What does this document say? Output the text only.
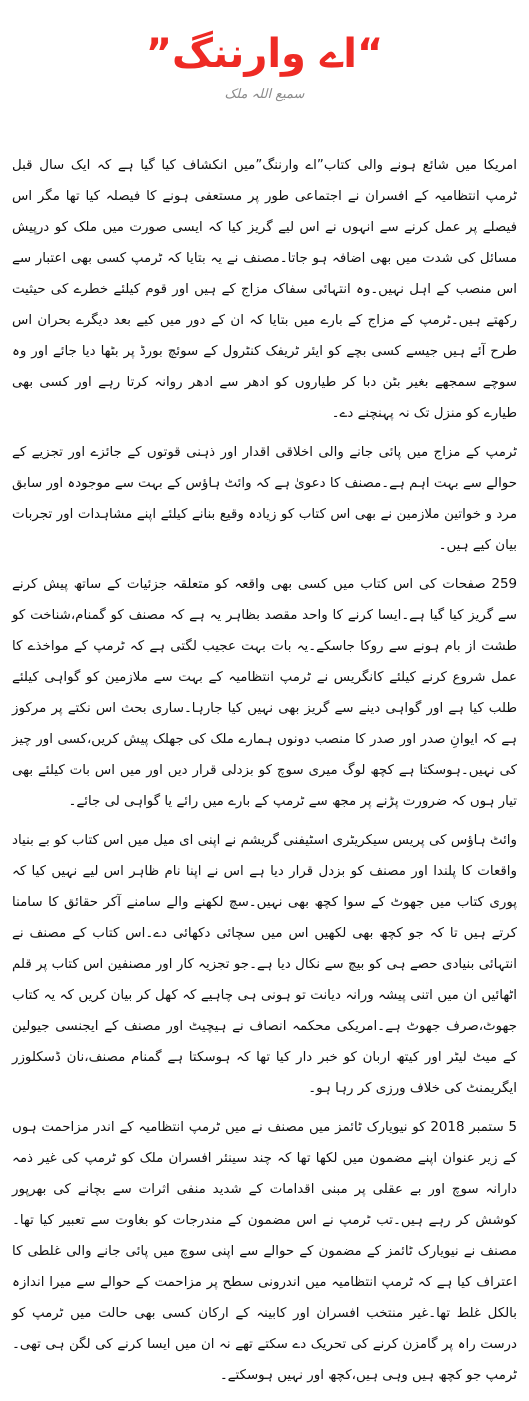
“اے وارننگ”
سمیع اللہ ملک

امریکا میں شائع ہونے والی کتاب”اے وارننگ”میں انکشاف کیا گیا ہے کہ ایک سال قبل ٹرمپ انتظامیہ کے افسران نے اجتماعی طور پر مستعفی ہونے کا فیصلہ کیا تھا مگر اس فیصلے پر عمل کرنے سے انہوں نے اس لیے گریز کیا کہ ایسی صورت میں ملک کو درپیش مسائل کی شدت میں بھی اضافہ ہو جاتا۔مصنف نے یہ بتایا کہ ٹرمپ کسی بھی اعتبار سے اس منصب کے اہل نہیں۔وہ انتہائی سفاک مزاج کے ہیں اور قوم کیلئے خطرے کی حیثیت رکھتے ہیں۔ٹرمپ کے مزاج کے بارے میں بتایا کہ ان کے دور میں کیے بعد دیگرے بحران اس طرح آئے ہیں جیسے کسی بچے کو ایئر ٹریفک کنٹرول کے سوئچ بورڈ پر بٹھا دیا جائے اور وہ سوچے سمجھے بغیر بٹن دبا کر طیاروں کو ادھر سے ادھر روانہ کرتا رہے اور کسی بھی طیارے کو منزل تک نہ پہنچنے دے۔

ٹرمپ کے مزاج میں پائی جانے والی اخلاقی اقدار اور ذہنی قوتوں کے جائزے اور تجزیے کے حوالے سے بہت اہم ہے۔مصنف کا دعویٰ ہے کہ وائٹ ہاؤس کے بہت سے موجودہ اور سابق مرد و خواتین ملازمین نے بھی اس کتاب کو زیادہ وقیع بنانے کیلئے اپنے مشاہدات اور تجربات بیان کیے ہیں۔

259 صفحات کی اس کتاب میں کسی بھی واقعہ کو متعلقہ جزئیات کے ساتھ پیش کرنے سے گریز کیا گیا ہے۔ایسا کرنے کا واحد مقصد بظاہر یہ ہے کہ مصنف کو گمنام،شناخت کو طشت از بام ہونے سے روکا جاسکے۔یہ بات بہت عجیب لگتی ہے کہ ٹرمپ کے مواخذے کا عمل شروع کرنے کیلئے کانگریس نے ٹرمپ انتظامیہ کے بہت سے ملازمین کو گواہی کیلئے طلب کیا ہے اور گواہی دینے سے گریز بھی نہیں کیا جارہا۔ساری بحث اس نکتے پر مرکوز ہے کہ ایوانِ صدر اور صدر کا منصب دونوں ہمارے ملک کی جھلک پیش کریں،کسی اور چیز کی نہیں۔ہوسکتا ہے کچھ لوگ میری سوچ کو بزدلی قرار دیں اور میں اس بات کیلئے بھی تیار ہوں کہ ضرورت پڑنے پر مجھ سے ٹرمپ کے بارے میں رائے یا گواہی لی جائے۔

وائٹ ہاؤس کی پریس سیکریٹری اسٹیفنی گریشم نے اپنی ای میل میں اس کتاب کو بے بنیاد واقعات کا پلندا اور مصنف کو بزدل قرار دیا ہے اس نے اپنا نام ظاہر اس لیے نہیں کیا کہ پوری کتاب میں جھوٹ کے سوا کچھ بھی نہیں۔سچ لکھنے والے سامنے آکر حقائق کا سامنا کرتے ہیں تا کہ جو کچھ بھی لکھیں اس میں سچائی دکھائی دے۔اس کتاب کے مصنف نے انتہائی بنیادی حصے ہی کو بیچ سے نکال دیا ہے۔جو تجزیہ کار اور مصنفین اس کتاب پر قلم اٹھائیں ان میں اتنی پیشہ ورانہ دیانت تو ہونی ہی چاہیے کہ کھل کر بیان کریں کہ یہ کتاب جھوٹ،صرف جھوٹ ہے۔امریکی محکمہ انصاف نے ہیچیٹ اور مصنف کے ایجنسی جیولین کے میٹ لیٹر اور کیتھ اربان کو خبر دار کیا تھا کہ ہوسکتا ہے گمنام مصنف،نان ڈسکلوزر ایگریمنٹ کی خلاف ورزی کر رہا ہو۔

5 ستمبر 2018 کو نیویارک ٹائمز میں مصنف نے میں ٹرمپ انتظامیہ کے اندر مزاحمت ہوں کے زیر عنوان اپنے مضمون میں لکھا تھا کہ چند سینئر افسران ملک کو ٹرمپ کی غیر ذمہ دارانہ سوچ اور بے عقلی پر مبنی اقدامات کے شدید منفی اثرات سے بچانے کی بھرپور کوشش کر رہے ہیں۔تب ٹرمپ نے اس مضمون کے مندرجات کو بغاوت سے تعبیر کیا تھا۔مصنف نے نیویارک ٹائمز کے مضمون کے حوالے سے اپنی سوچ میں پائی جانے والی غلطی کا اعتراف کیا ہے کہ ٹرمپ انتظامیہ میں اندرونی سطح پر مزاحمت کے حوالے سے میرا اندازہ بالکل غلط تھا۔غیر منتخب افسران اور کابینہ کے ارکان کسی بھی حالت میں ٹرمپ کو درست راہ پر گامزن کرنے کی تحریک دے سکتے تھے نہ ان میں ایسا کرنے کی لگن ہی تھی۔ٹرمپ جو کچھ ہیں وہی ہیں،کچھ اور نہیں ہوسکتے۔
